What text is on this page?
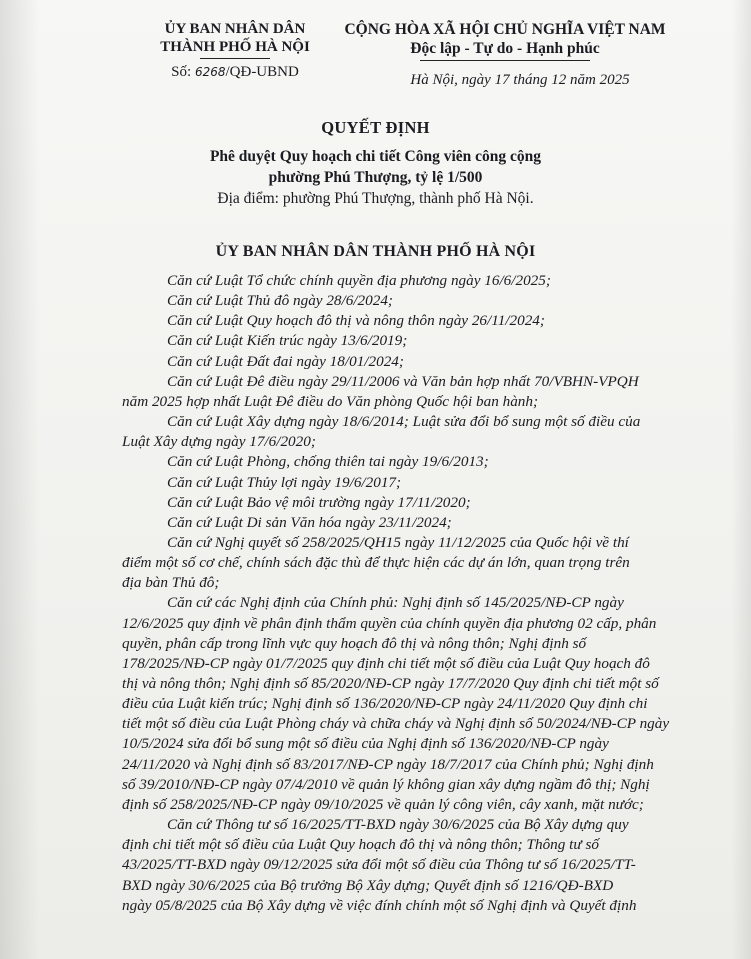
ỦY BAN NHÂN DÂN
THÀNH PHỐ HÀ NỘI
Số: 6268/QĐ-UBND
CỘNG HÒA XÃ HỘI CHỦ NGHĨA VIỆT NAM
Độc lập - Tự do - Hạnh phúc
Hà Nội, ngày 17 tháng 12 năm 2025
QUYẾT ĐỊNH
Phê duyệt Quy hoạch chi tiết Công viên công cộng
phường Phú Thượng, tỷ lệ 1/500
Địa điểm: phường Phú Thượng, thành phố Hà Nội.
ỦY BAN NHÂN DÂN THÀNH PHỐ HÀ NỘI
Căn cứ Luật Tổ chức chính quyền địa phương ngày 16/6/2025;
Căn cứ Luật Thủ đô ngày 28/6/2024;
Căn cứ Luật Quy hoạch đô thị và nông thôn ngày 26/11/2024;
Căn cứ Luật Kiến trúc ngày 13/6/2019;
Căn cứ Luật Đất đai ngày 18/01/2024;
Căn cứ Luật Đê điều ngày 29/11/2006 và Văn bản hợp nhất 70/VBHN-VPQH
năm 2025 hợp nhất Luật Đê điều do Văn phòng Quốc hội ban hành;
Căn cứ Luật Xây dựng ngày 18/6/2014; Luật sửa đổi bổ sung một số điều của
Luật Xây dựng ngày 17/6/2020;
Căn cứ Luật Phòng, chống thiên tai ngày 19/6/2013;
Căn cứ Luật Thủy lợi ngày 19/6/2017;
Căn cứ Luật Bảo vệ môi trường ngày 17/11/2020;
Căn cứ Luật Di sản Văn hóa ngày 23/11/2024;
Căn cứ Nghị quyết số 258/2025/QH15 ngày 11/12/2025 của Quốc hội về thí
điểm một số cơ chế, chính sách đặc thù để thực hiện các dự án lớn, quan trọng trên
địa bàn Thủ đô;
Căn cứ các Nghị định của Chính phủ: Nghị định số 145/2025/NĐ-CP ngày
12/6/2025 quy định về phân định thẩm quyền của chính quyền địa phương 02 cấp, phân
quyền, phân cấp trong lĩnh vực quy hoạch đô thị và nông thôn; Nghị định số
178/2025/NĐ-CP ngày 01/7/2025 quy định chi tiết một số điều của Luật Quy hoạch đô
thị và nông thôn; Nghị định số 85/2020/NĐ-CP ngày 17/7/2020 Quy định chi tiết một số
điều của Luật kiến trúc; Nghị định số 136/2020/NĐ-CP ngày 24/11/2020 Quy định chi
tiết một số điều của Luật Phòng cháy và chữa cháy và Nghị định số 50/2024/NĐ-CP ngày
10/5/2024 sửa đổi bổ sung một số điều của Nghị định số 136/2020/NĐ-CP ngày
24/11/2020 và Nghị định số 83/2017/NĐ-CP ngày 18/7/2017 của Chính phủ; Nghị định
số 39/2010/NĐ-CP ngày 07/4/2010 về quản lý không gian xây dựng ngầm đô thị; Nghị
định số 258/2025/NĐ-CP ngày 09/10/2025 về quản lý công viên, cây xanh, mặt nước;
Căn cứ Thông tư số 16/2025/TT-BXD ngày 30/6/2025 của Bộ Xây dựng quy
định chi tiết một số điều của Luật Quy hoạch đô thị và nông thôn; Thông tư số
43/2025/TT-BXD ngày 09/12/2025 sửa đổi một số điều của Thông tư số 16/2025/TT-
BXD ngày 30/6/2025 của Bộ trưởng Bộ Xây dựng; Quyết định số 1216/QĐ-BXD
ngày 05/8/2025 của Bộ Xây dựng về việc đính chính một số Nghị định và Quyết định
